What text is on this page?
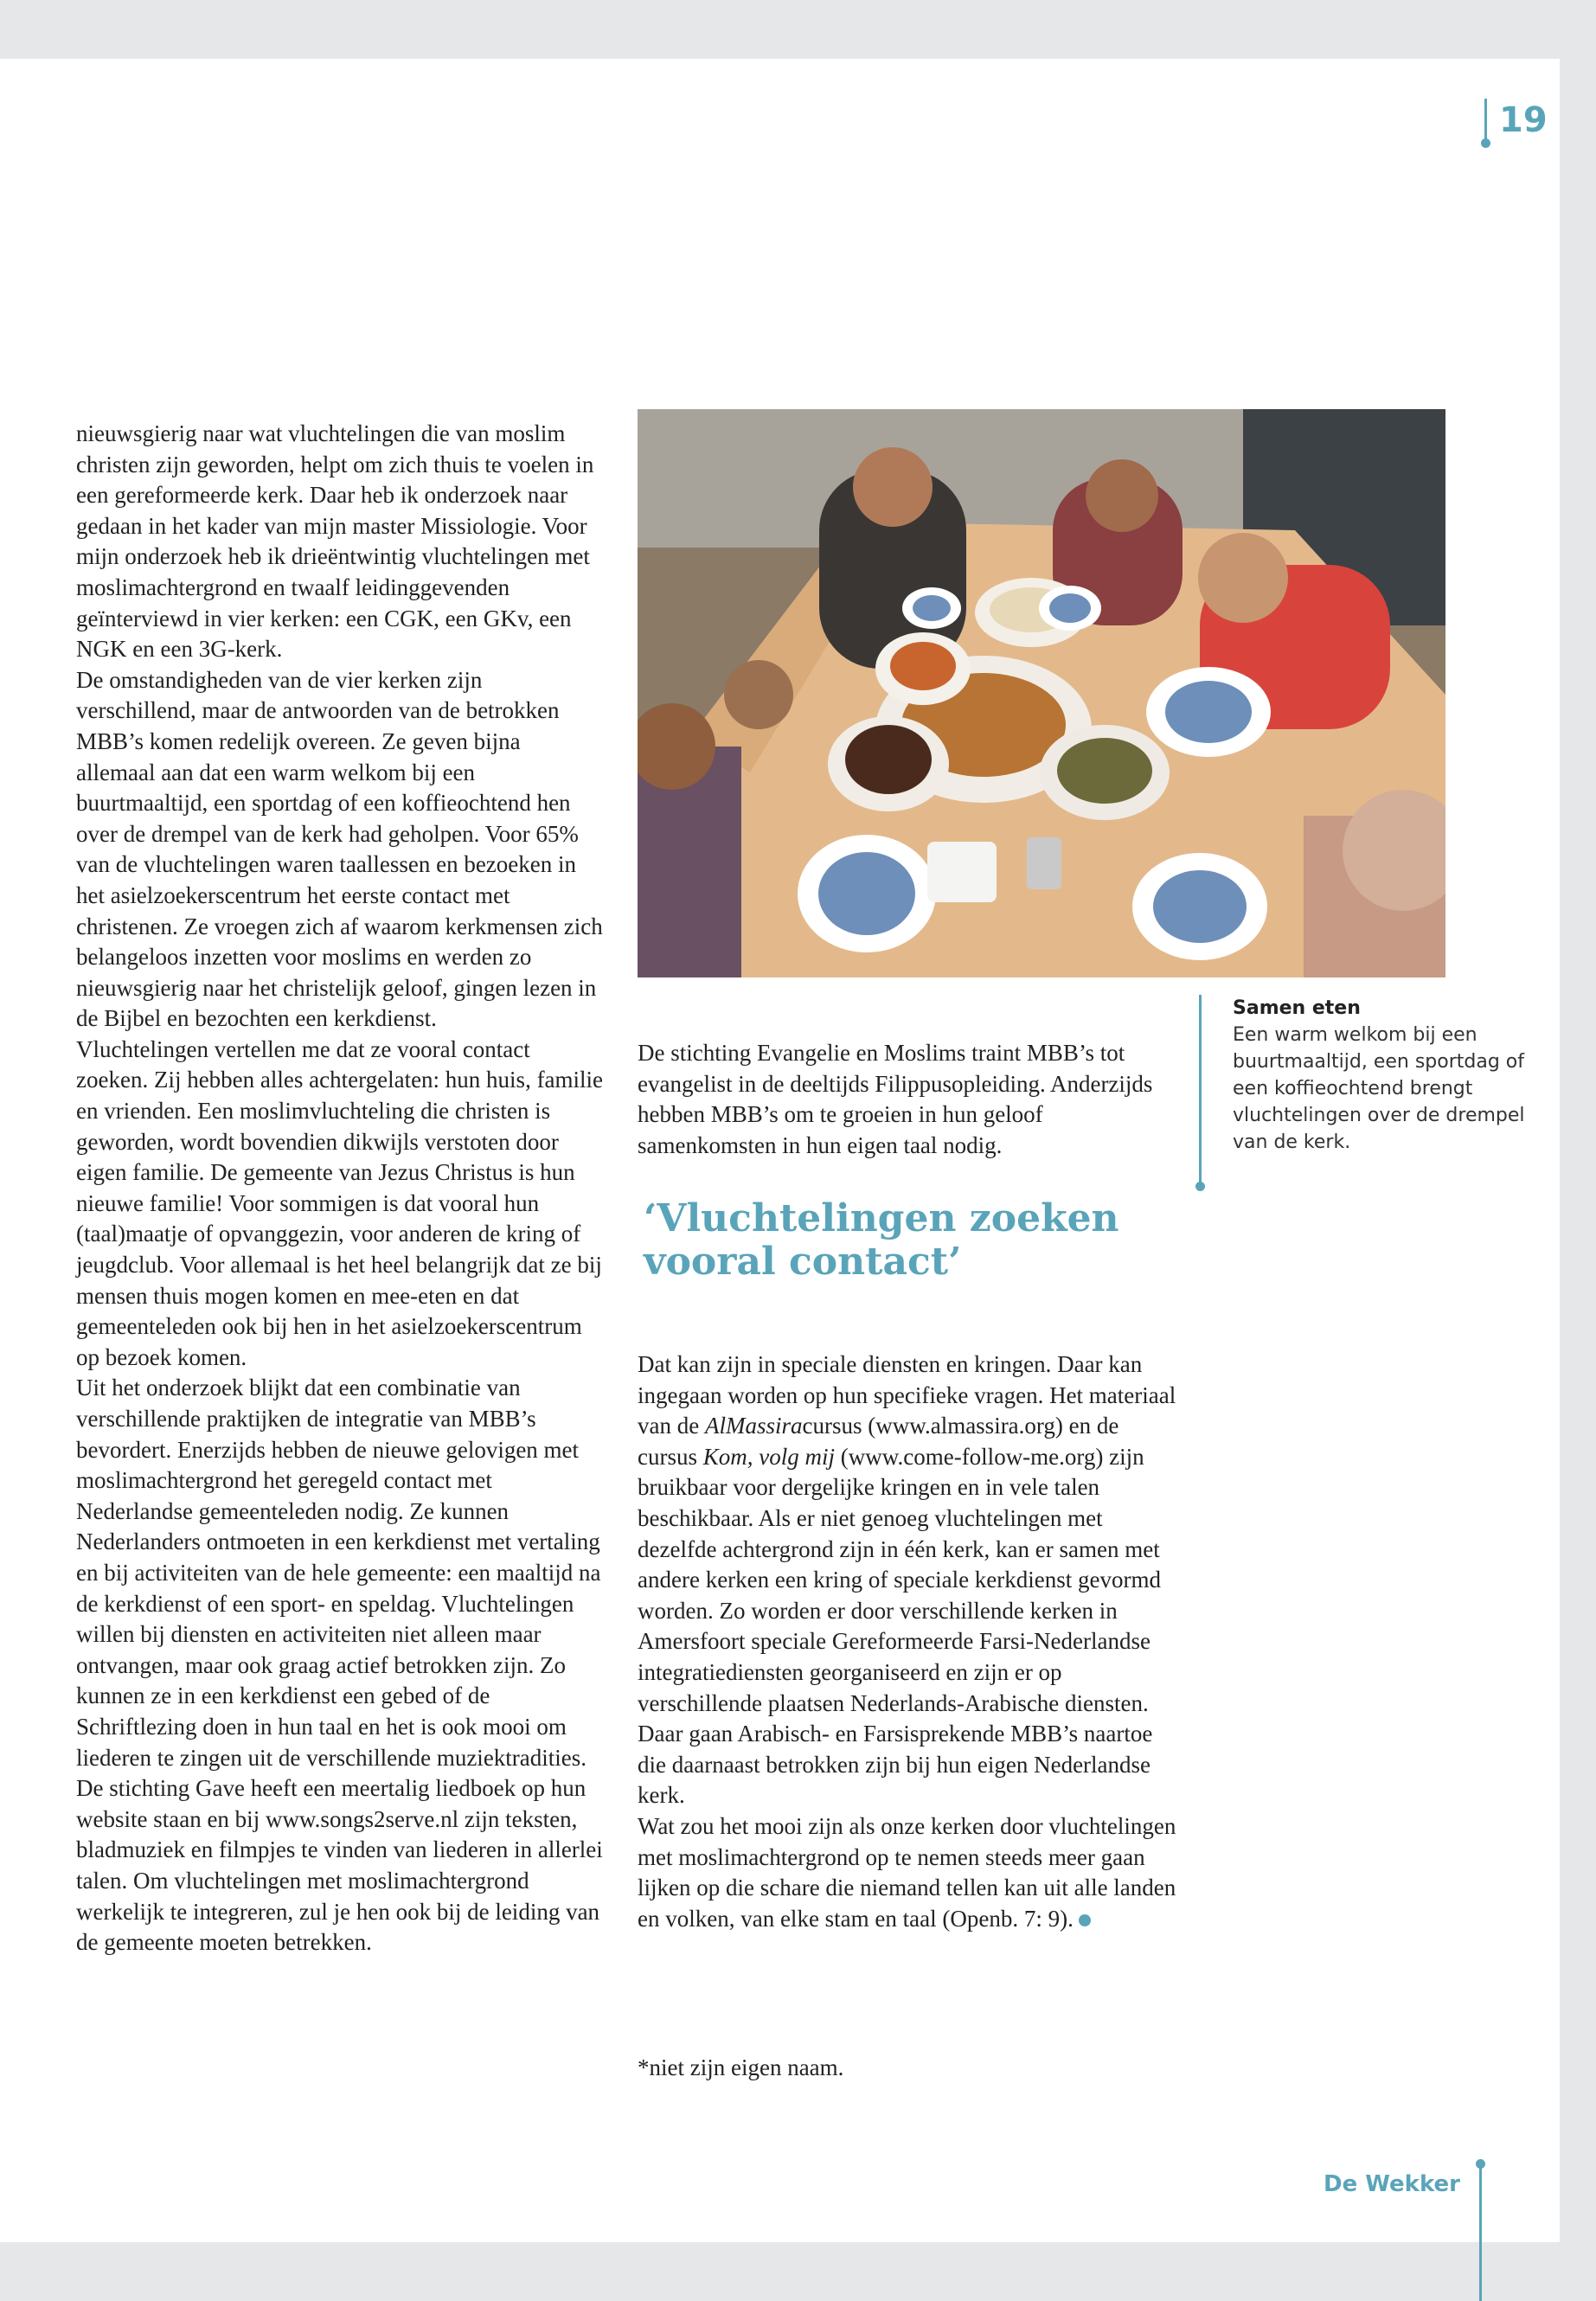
19

nieuwsgierig naar wat vluchtelingen die van moslim christen zijn geworden, helpt om zich thuis te voelen in een gereformeerde kerk. Daar heb ik onderzoek naar gedaan in het kader van mijn master Missiologie. Voor mijn onderzoek heb ik drieëntwintig vluchtelingen met moslimachtergrond en twaalf leidinggevenden geïnterviewd in vier kerken: een CGK, een GKv, een NGK en een 3G-kerk.

De omstandigheden van de vier kerken zijn verschillend, maar de antwoorden van de betrokken MBB’s komen redelijk overeen. Ze geven bijna allemaal aan dat een warm welkom bij een buurtmaaltijd, een sportdag of een koffieochtend hen over de drempel van de kerk had geholpen. Voor 65% van de vluchtelingen waren taallessen en bezoeken in het asielzoekerscentrum het eerste contact met christenen. Ze vroegen zich af waarom kerkmensen zich belangeloos inzetten voor moslims en werden zo nieuwsgierig naar het christelijk geloof, gingen lezen in de Bijbel en bezochten een kerkdienst.

Vluchtelingen vertellen me dat ze vooral contact zoeken. Zij hebben alles achtergelaten: hun huis, familie en vrienden. Een moslimvluchteling die christen is geworden, wordt bovendien dikwijls verstoten door eigen familie. De gemeente van Jezus Christus is hun nieuwe familie! Voor sommigen is dat vooral hun (taal)maatje of opvanggezin, voor anderen de kring of jeugdclub. Voor allemaal is het heel belangrijk dat ze bij mensen thuis mogen komen en mee-eten en dat gemeenteleden ook bij hen in het asielzoekerscentrum op bezoek komen.

Uit het onderzoek blijkt dat een combinatie van verschillende praktijken de integratie van MBB’s bevordert. Enerzijds hebben de nieuwe gelovigen met moslimachtergrond het geregeld contact met Nederlandse gemeenteleden nodig. Ze kunnen Nederlanders ontmoeten in een kerkdienst met vertaling en bij activiteiten van de hele gemeente: een maaltijd na de kerkdienst of een sport- en speldag. Vluchtelingen willen bij diensten en activiteiten niet alleen maar ontvangen, maar ook graag actief betrokken zijn. Zo kunnen ze in een kerkdienst een gebed of de Schriftlezing doen in hun taal en het is ook mooi om liederen te zingen uit de verschillende muziektradities. De stichting Gave heeft een meertalig liedboek op hun website staan en bij www.songs2serve.nl zijn teksten, bladmuziek en filmpjes te vinden van liederen in allerlei talen. Om vluchtelingen met moslimachtergrond werkelijk te integreren, zul je hen ook bij de leiding van de gemeente moeten betrekken.

Samen eten
Een warm welkom bij een buurtmaaltijd, een sportdag of een koffieochtend brengt vluchtelingen over de drempel van de kerk.

De stichting Evangelie en Moslims traint MBB’s tot evangelist in de deeltijds Filippusopleiding. Anderzijds hebben MBB’s om te groeien in hun geloof samenkomsten in hun eigen taal nodig.

‘Vluchtelingen zoeken vooral contact’

Dat kan zijn in speciale diensten en kringen. Daar kan ingegaan worden op hun specifieke vragen. Het materiaal van de AlMassiracursus (www.almassira.org) en de cursus Kom, volg mij (www.come-follow-me.org) zijn bruikbaar voor dergelijke kringen en in vele talen beschikbaar. Als er niet genoeg vluchtelingen met dezelfde achtergrond zijn in één kerk, kan er samen met andere kerken een kring of speciale kerkdienst gevormd worden. Zo worden er door verschillende kerken in Amersfoort speciale Gereformeerde Farsi-Nederlandse integratiediensten georganiseerd en zijn er op verschillende plaatsen Nederlands-Arabische diensten. Daar gaan Arabisch- en Farsisprekende MBB’s naartoe die daarnaast betrokken zijn bij hun eigen Nederlandse kerk.

Wat zou het mooi zijn als onze kerken door vluchtelingen met moslimachtergrond op te nemen steeds meer gaan lijken op die schare die niemand tellen kan uit alle landen en volken, van elke stam en taal (Openb. 7: 9).

*niet zijn eigen naam.
De Wekker
